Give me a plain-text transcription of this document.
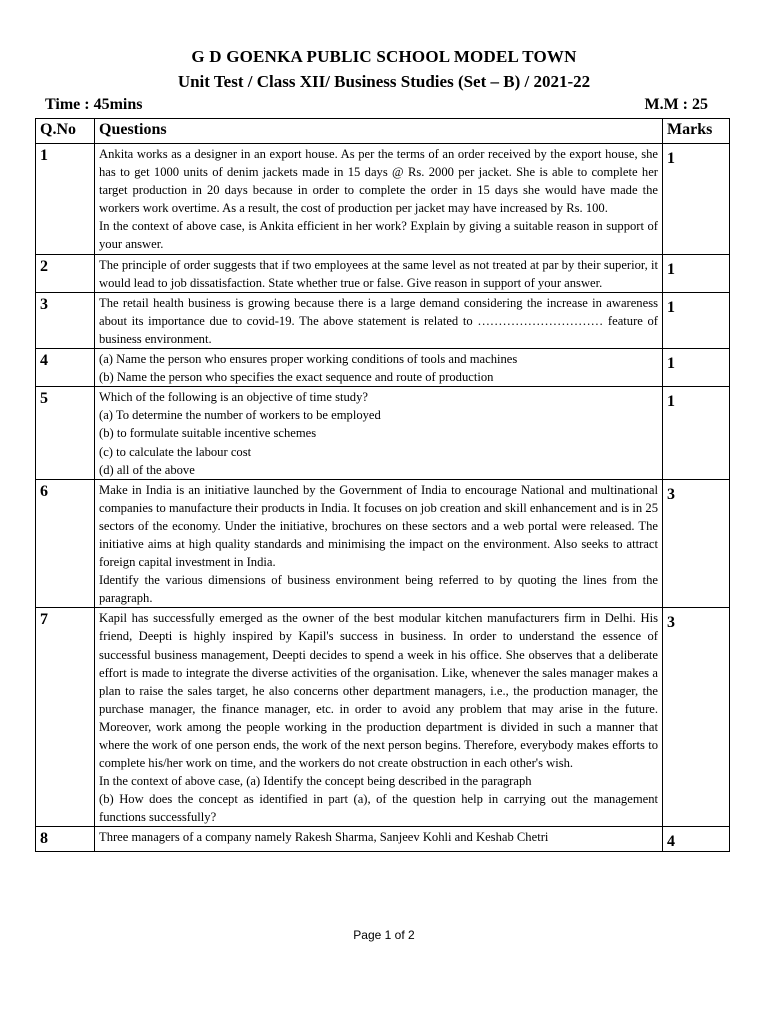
G D GOENKA PUBLIC SCHOOL MODEL TOWN
Unit Test / Class XII/ Business Studies (Set – B) / 2021-22
Time : 45mins	M.M : 25
Q.No	Questions	Marks
1	Ankita works as a designer in an export house. As per the terms of an order received by the export house, she has to get 1000 units of denim jackets made in 15 days @ Rs. 2000 per jacket. She is able to complete her target production in 20 days because in order to complete the order in 15 days she would have made the workers work overtime. As a result, the cost of production per jacket may have increased by Rs. 100.

In the context of above case, is Ankita efficient in her work? Explain by giving a suitable reason in support of your answer.	1
2	The principle of order suggests that if two employees at the same level as not treated at par by their superior, it would lead to job dissatisfaction. State whether true or false. Give reason in support of your answer.	1
3	The retail health business is growing because there is a large demand considering the increase in awareness about its importance due to covid-19. The above statement is related to ………………………… feature of business environment.	1
4	(a) Name the person who ensures proper working conditions of tools and machines

(b) Name the person who specifies the exact sequence and route of production	1
5	Which of the following is an objective of time study?

(a) To determine the number of workers to be employed

(b) to formulate suitable incentive schemes

(c) to calculate the labour cost

(d) all of the above	1
6	Make in India is an initiative launched by the Government of India to encourage National and multinational companies to manufacture their products in India. It focuses on job creation and skill enhancement and is in 25 sectors of the economy. Under the initiative, brochures on these sectors and a web portal were released. The initiative aims at high quality standards and minimising the impact on the environment. Also seeks to attract foreign capital investment in India.

Identify the various dimensions of business environment being referred to by quoting the lines from the paragraph.	3
7	Kapil has successfully emerged as the owner of the best modular kitchen manufacturers firm in Delhi. His friend, Deepti is highly inspired by Kapil's success in business. In order to understand the essence of successful business management, Deepti decides to spend a week in his office. She observes that a deliberate effort is made to integrate the diverse activities of the organisation. Like, whenever the sales manager makes a plan to raise the sales target, he also concerns other department managers, i.e., the production manager, the purchase manager, the finance manager, etc. in order to avoid any problem that may arise in the future. Moreover, work among the people working in the production department is divided in such a manner that where the work of one person ends, the work of the next person begins. Therefore, everybody makes efforts to complete his/her work on time, and the workers do not create obstruction in each other's wish.

In the context of above case, (a) Identify the concept being described in the paragraph

(b) How does the concept as identified in part (a), of the question help in carrying out the management functions successfully?	3
8	Three managers of a company namely Rakesh Sharma, Sanjeev Kohli and Keshab Chetri	4
Page 1 of 2
